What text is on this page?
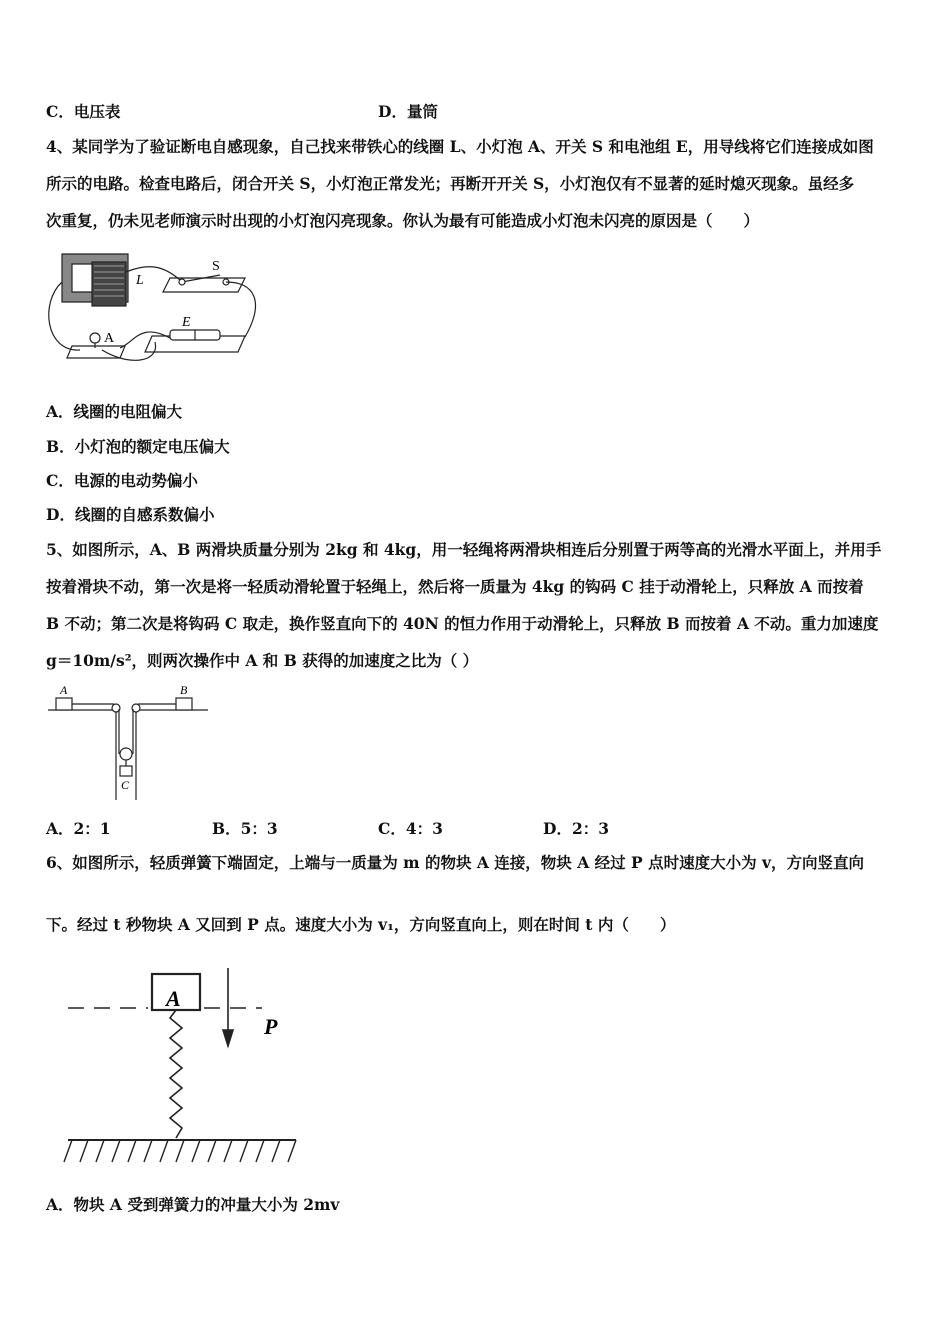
C．电压表	D．量筒
4、某同学为了验证断电自感现象，自己找来带铁心的线圈 L、小灯泡 A、开关 S 和电池组 E，用导线将它们连接成如图
所示的电路。检查电路后，闭合开关 S，小灯泡正常发光；再断开开关 S，小灯泡仅有不显著的延时熄灭现象。虽经多
次重复，仍未见老师演示时出现的小灯泡闪亮现象。你认为最有可能造成小灯泡未闪亮的原因是（　　）
L
S
A
E
A．线圈的电阻偏大
B．小灯泡的额定电压偏大
C．电源的电动势偏小
D．线圈的自感系数偏小
5、如图所示，A、B 两滑块质量分别为 2kg 和 4kg，用一轻绳将两滑块相连后分别置于两等高的光滑水平面上，并用手
按着滑块不动，第一次是将一轻质动滑轮置于轻绳上，然后将一质量为 4kg 的钩码 C 挂于动滑轮上，只释放 A 而按着
B 不动；第二次是将钩码 C 取走，换作竖直向下的 40N 的恒力作用于动滑轮上，只释放 B 而按着 A 不动。重力加速度
g＝10m/s²，则两次操作中 A 和 B 获得的加速度之比为（ ）
A	B
C
A．2：1	B．5：3	C．4：3	D．2：3
6、如图所示，轻质弹簧下端固定，上端与一质量为 m 的物块 A 连接，物块 A 经过 P 点时速度大小为 v，方向竖直向
下。经过 t 秒物块 A 又回到 P 点。速度大小为 v₁，方向竖直向上，则在时间 t 内（　　）
A
P
A．物块 A 受到弹簧力的冲量大小为 2mv
